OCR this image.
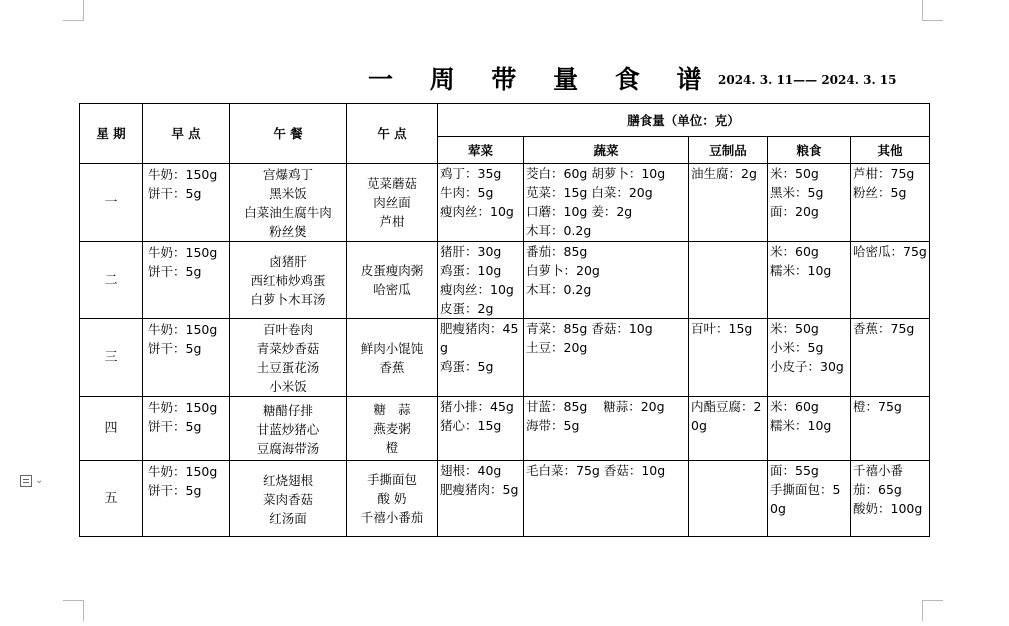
一 周 带 量 食 谱 2024. 3. 11—— 2024. 3. 15
⌄
星 期	早 点	午 餐	午 点	膳食量（单位：克）				
				荤菜	蔬菜	豆制品	粮食	其他
一	牛奶：150g
饼干：5g	宫爆鸡丁
黑米饭
白菜油生腐牛肉
粉丝煲	苋菜蘑菇
肉丝面
芦柑	鸡丁：35g
牛肉：5g
瘦肉丝：10g	茭白：60g 胡萝卜：10g
苋菜：15g 白菜：20g
口蘑：10g 姜：2g
木耳：0.2g	油生腐：2g	米：50g
黑米：5g
面：20g	芦柑：75g
粉丝：5g

二	牛奶：150g
饼干：5g	卤猪肝
西红柿炒鸡蛋
白萝卜木耳汤	皮蛋瘦肉粥
哈密瓜	猪肝：30g
鸡蛋：10g
瘦肉丝：10g
皮蛋：2g	番茄：85g
白萝卜：20g
木耳：0.2g		米：60g
糯米：10g	哈密瓜：75g

三	牛奶：150g
饼干：5g	百叶卷肉
青菜炒香菇
土豆蛋花汤
小米饭	鲜肉小馄饨
香蕉	肥瘦猪肉：45g
鸡蛋：5g	青菜：85g 香菇：10g
土豆：20g	百叶：15g	米：50g
小米：5g
小皮子：30g	香蕉：75g

四	牛奶：150g
饼干：5g	糖醋仔排
甘蓝炒猪心
豆腐海带汤	糖   蒜
燕麦粥
橙	猪小排：45g
猪心：15g	甘蓝：85g    糖蒜：20g
海带：5g	内酯豆腐：20g	米：60g
糯米：10g	橙：75g

五	牛奶：150g
饼干：5g	红烧翅根
菜肉香菇
红汤面	手撕面包
酸 奶
千禧小番茄	翅根：40g
肥瘦猪肉：5g	毛白菜：75g 香菇：10g		面：55g
手撕面包：50g	千禧小番茄：65g
酸奶：100g
